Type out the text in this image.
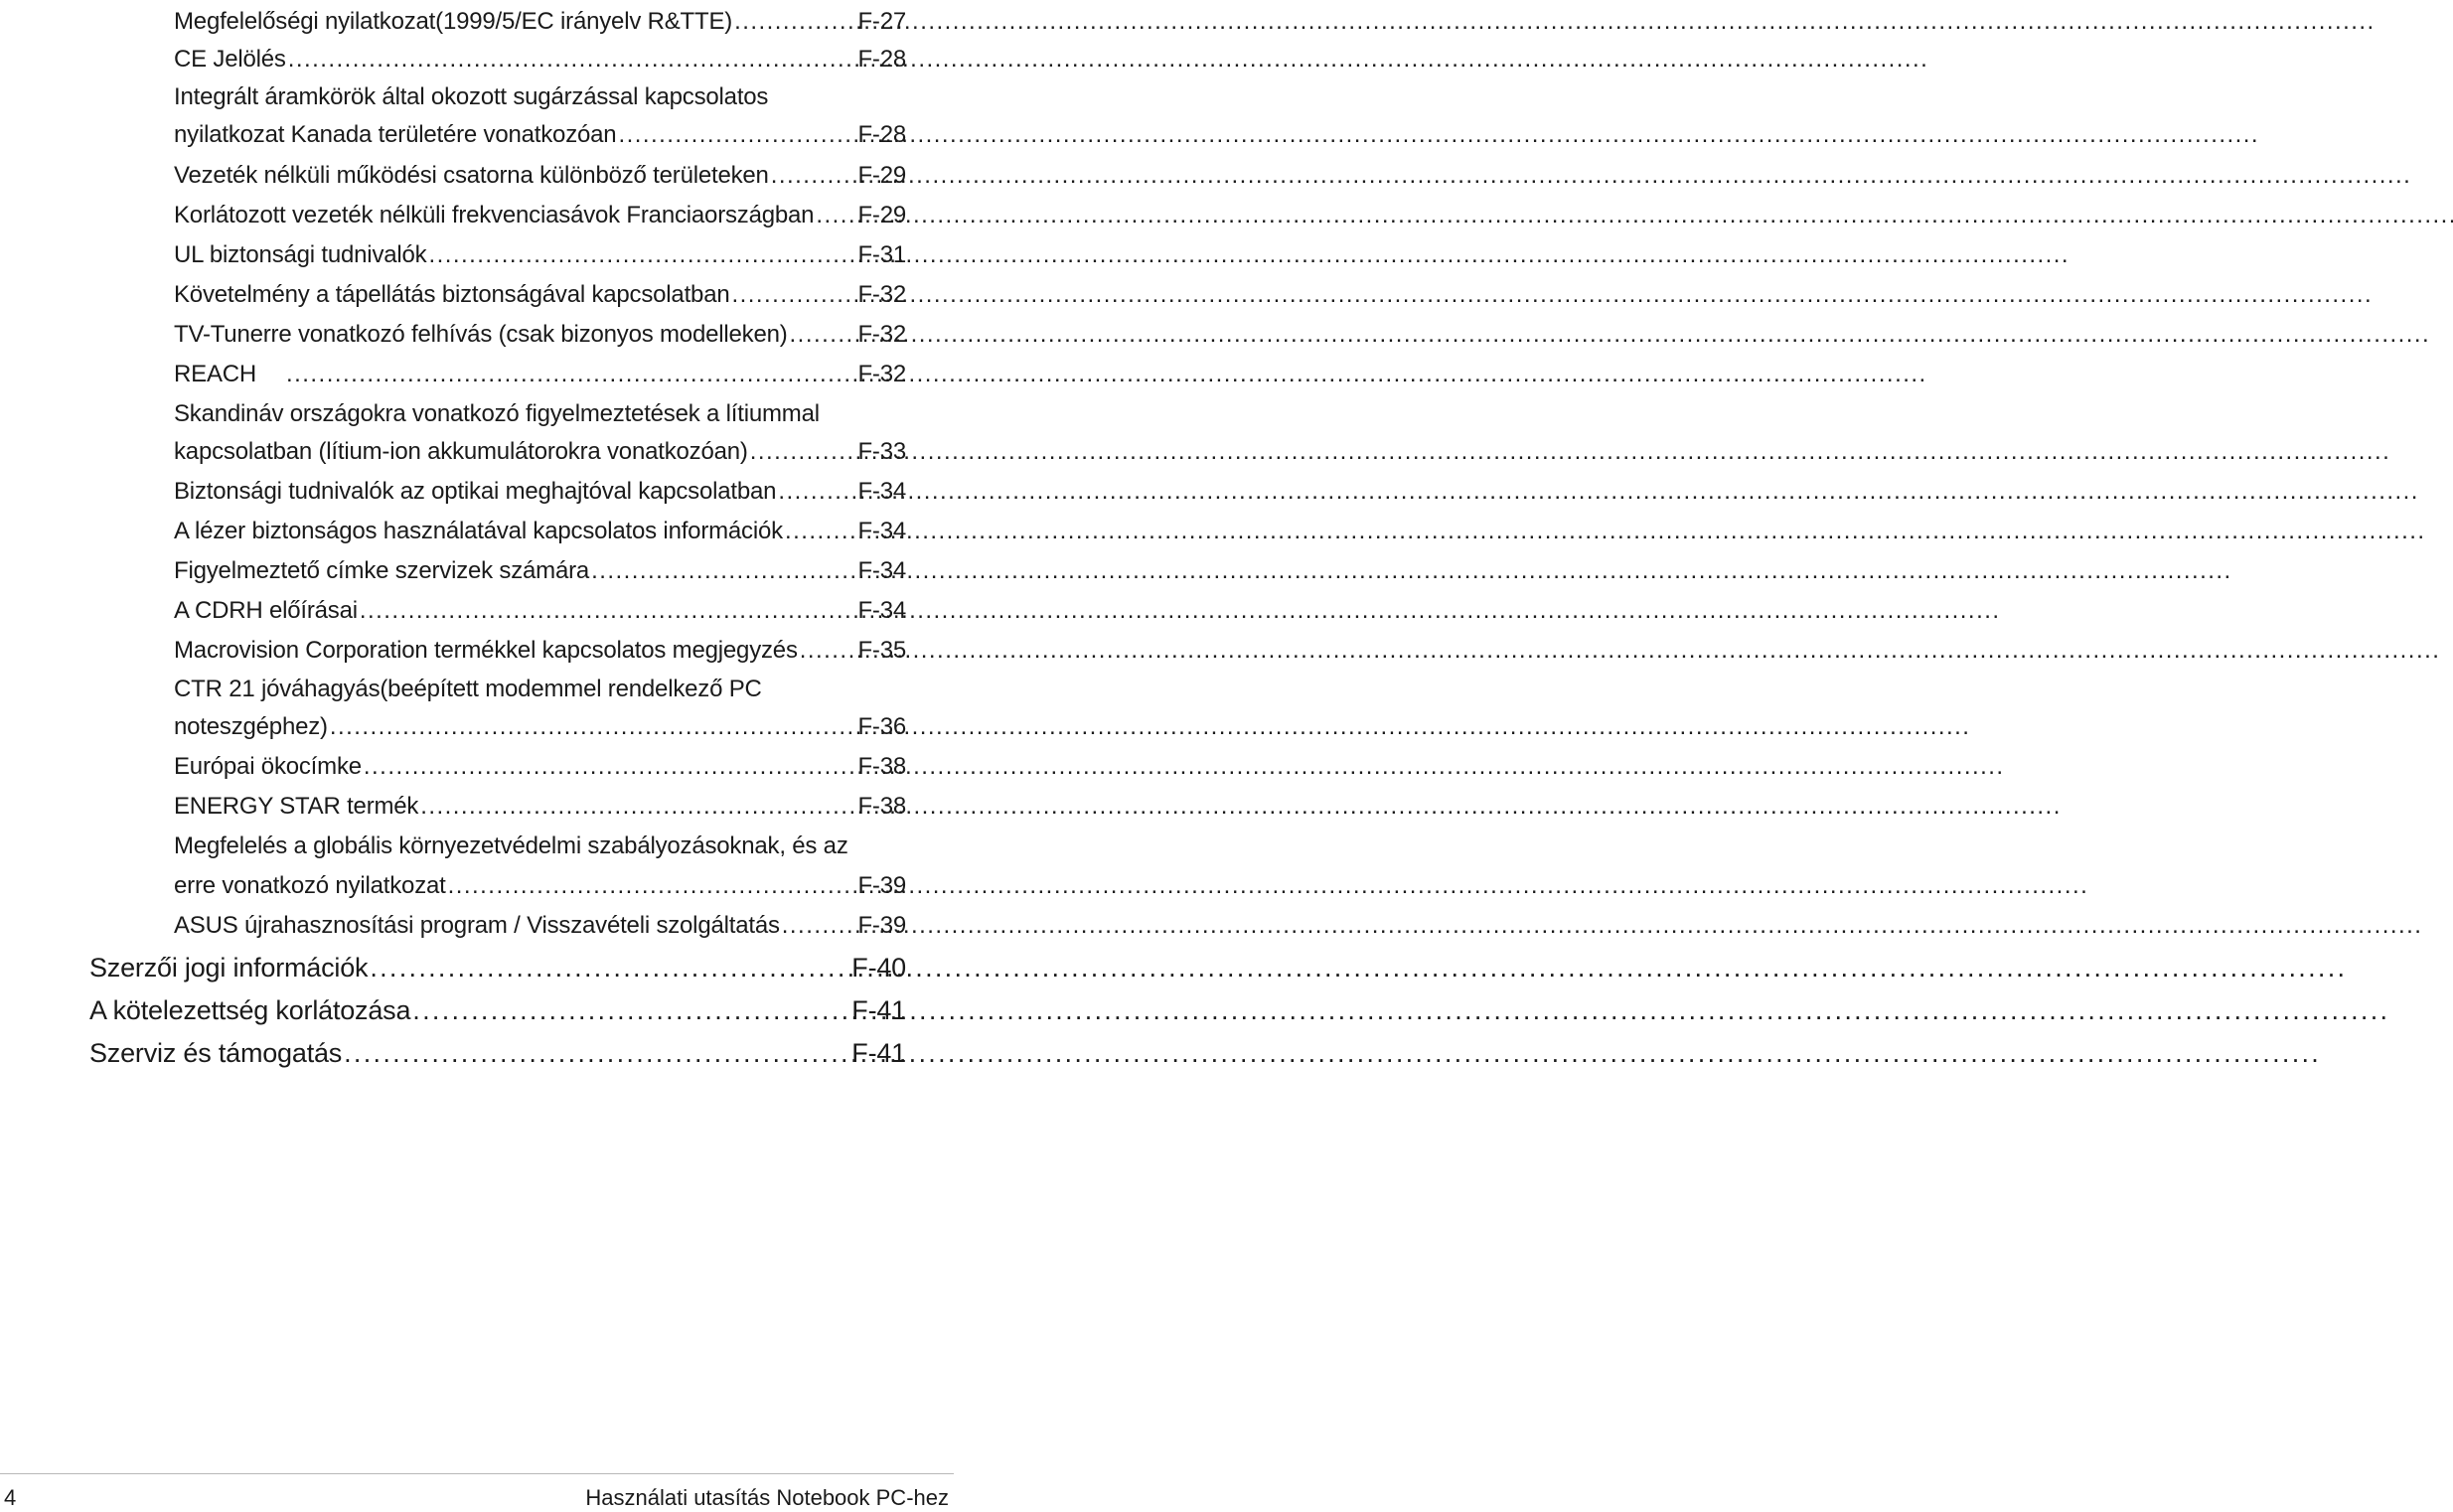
Megfelelőségi nyilatkozat(1999/5/EC irányelv R&TTE) . . .	F-27
CE Jelölés . . .	F-28
Integrált áramkörök által okozott sugárzással kapcsolatos
nyilatkozat Kanada területére vonatkozóan . . .	F-28
Vezeték nélküli működési csatorna különböző területeken . . .	F-29
Korlátozott vezeték nélküli frekvenciasávok Franciaországban . . . F-29
UL biztonsági tudnivalók . . .	F-31
Követelmény a tápellátás biztonságával kapcsolatban . . .	F-32
TV-Tunerre vonatkozó felhívás (csak bizonyos modelleken) . . .	F-32
REACH . . .	F-32
Skandináv országokra vonatkozó figyelmeztetések a lítiummal
kapcsolatban (lítium-ion akkumulátorokra vonatkozóan) . . .	F-33
Biztonsági tudnivalók az optikai meghajtóval kapcsolatban . . .	F-34
A lézer biztonságos használatával kapcsolatos információk . . .	F-34
Figyelmeztető címke szervizek számára . . .	F-34
A CDRH előírásai . . .	F-34
Macrovision Corporation termékkel kapcsolatos megjegyzés . . .	F-35
CTR 21 jóváhagyás(beépített modemmel rendelkező PC
noteszgéphez) . . .	F-36
Európai ökocímke . . .	F-38
ENERGY STAR termék . . .	F-38
Megfelelés a globális környezetvédelmi szabályozásoknak, és az
erre vonatkozó nyilatkozat . . .	F-39
ASUS újrahasznosítási program / Visszavételi szolgáltatás . . .	F-39
Szerzői jogi információk . . .	F-40
A kötelezettség korlátozása . . .	F-41
Szerviz és támogatás . . .	F-41
4	Használati utasítás Notebook PC-hez
